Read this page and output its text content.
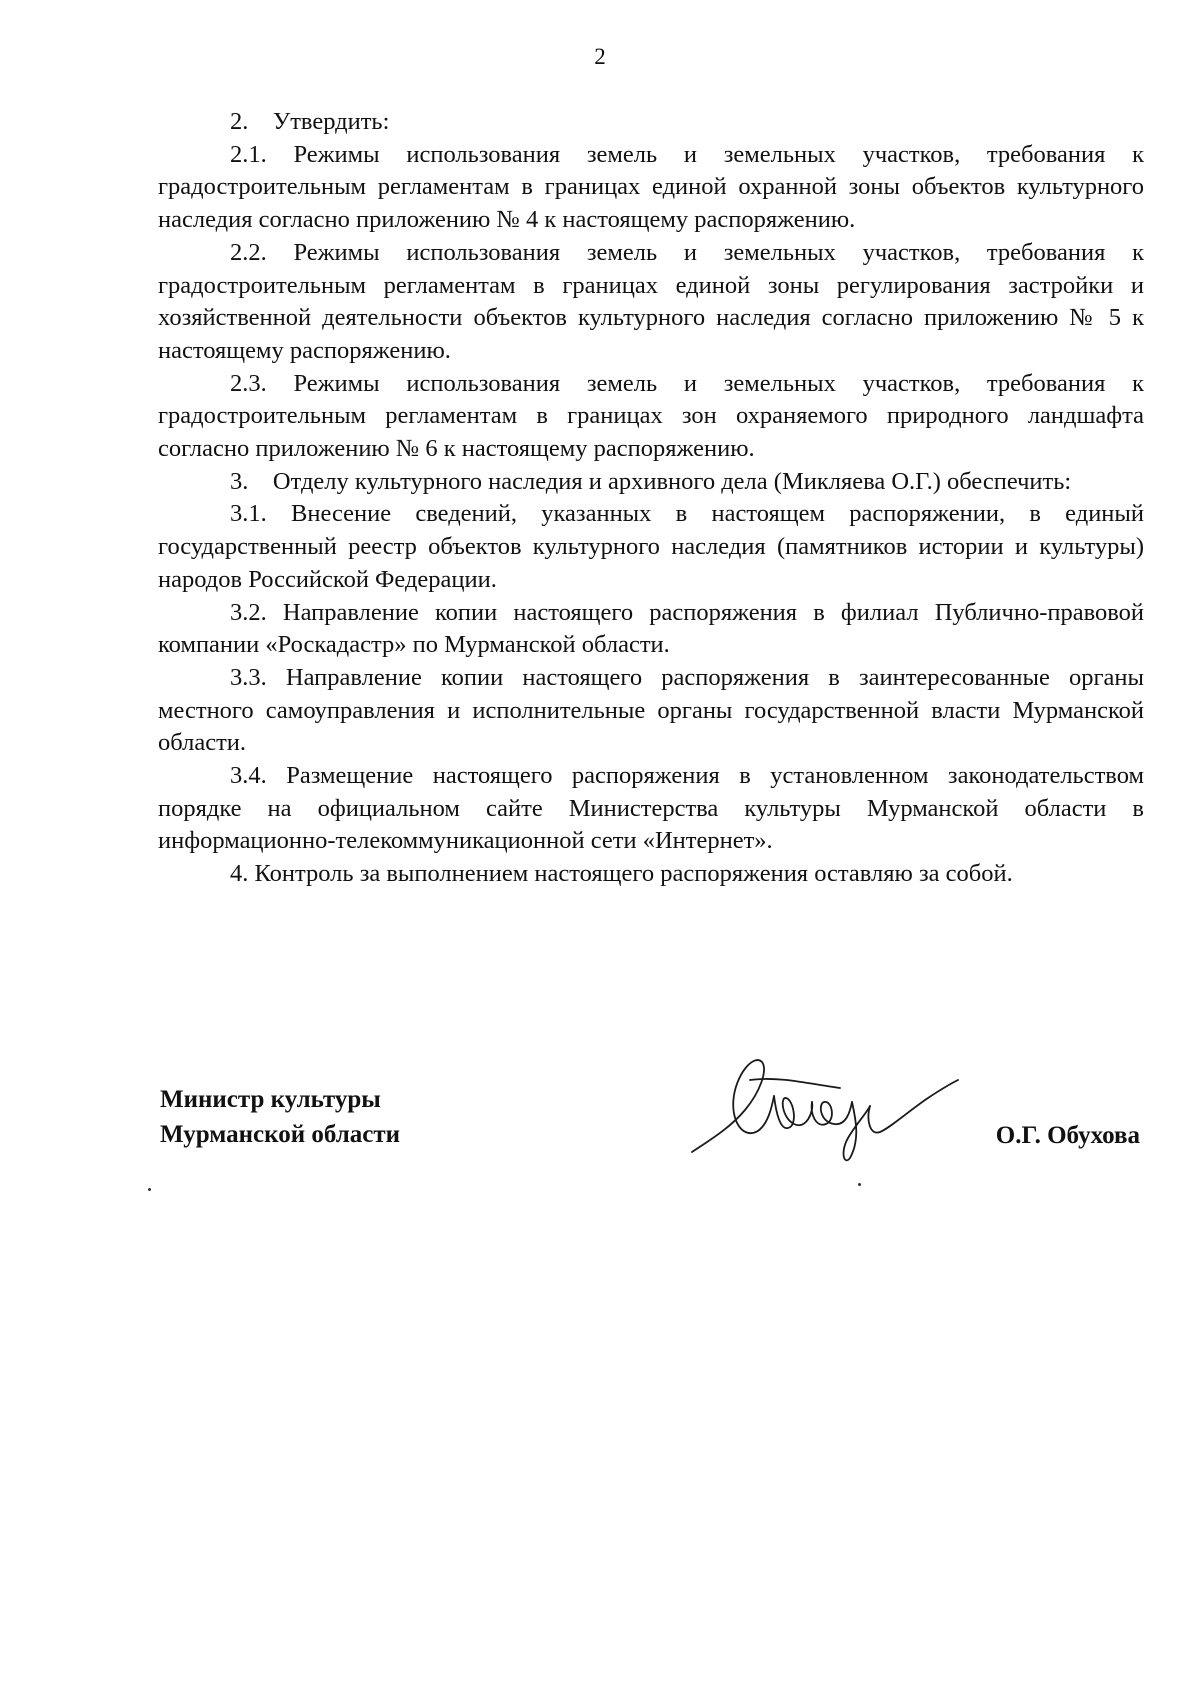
2

2.    Утвердить:

2.1. Режимы использования земель и земельных участков, требования к градостроительным регламентам в границах единой охранной зоны объектов культурного наследия согласно приложению № 4 к настоящему распоряжению.

2.2. Режимы использования земель и земельных участков, требования к градостроительным регламентам в границах единой зоны регулирования застройки и хозяйственной деятельности объектов культурного наследия согласно приложению № 5 к настоящему распоряжению.

2.3. Режимы использования земель и земельных участков, требования к градостроительным регламентам в границах зон охраняемого природного ландшафта согласно приложению № 6 к настоящему распоряжению.

3.    Отделу культурного наследия и архивного дела (Микляева О.Г.) обеспечить:

3.1. Внесение сведений, указанных в настоящем распоряжении, в единый государственный реестр объектов культурного наследия (памятников истории и культуры) народов Российской Федерации.

3.2. Направление копии настоящего распоряжения в филиал Публично-правовой компании «Роскадастр» по Мурманской области.

3.3. Направление копии настоящего распоряжения в заинтересованные органы местного самоуправления и исполнительные органы государственной власти Мурманской области.

3.4. Размещение настоящего распоряжения в установленном законодательством порядке на официальном сайте Министерства культуры Мурманской области в информационно-телекоммуникационной сети «Интернет».

4. Контроль за выполнением настоящего распоряжения оставляю за собой.

Министр культуры
Мурманской области	О.Г. Обухова
